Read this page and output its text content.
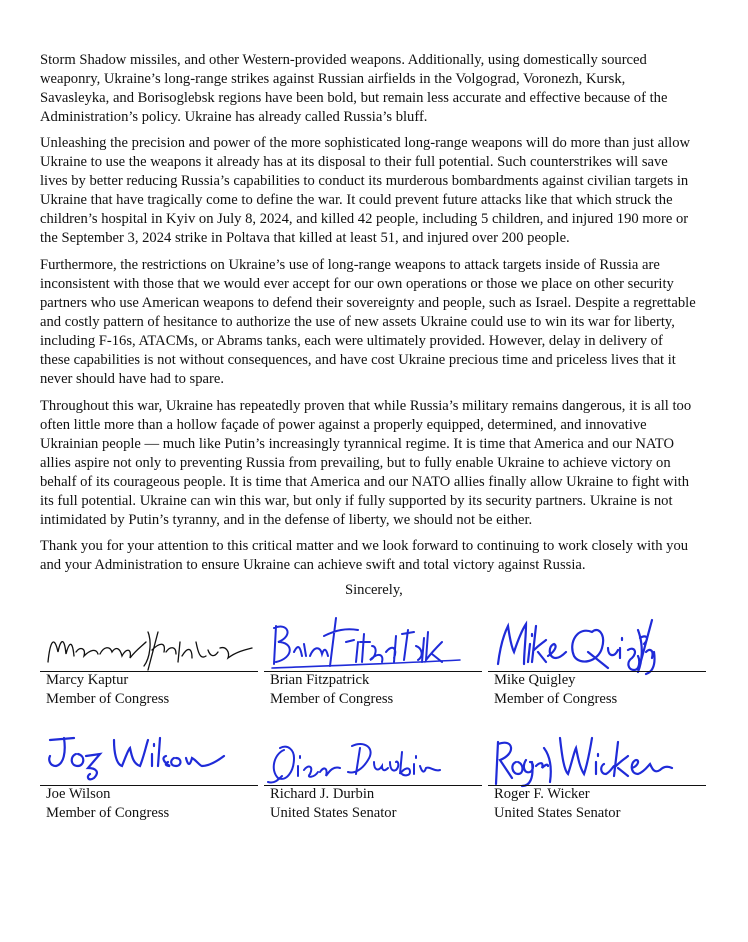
Storm Shadow missiles, and other Western-provided weapons. Additionally, using domestically sourced
weaponry, Ukraine’s long-range strikes against Russian airfields in the Volgograd, Voronezh, Kursk,
Savasleyka, and Borisoglebsk regions have been bold, but remain less accurate and effective because of the
Administration’s policy. Ukraine has already called Russia’s bluff.

Unleashing the precision and power of the more sophisticated long-range weapons will do more than just allow
Ukraine to use the weapons it already has at its disposal to their full potential. Such counterstrikes will save
lives by better reducing Russia’s capabilities to conduct its murderous bombardments against civilian targets in
Ukraine that have tragically come to define the war. It could prevent future attacks like that which struck the
children’s hospital in Kyiv on July 8, 2024, and killed 42 people, including 5 children, and injured 190 more or
the September 3, 2024 strike in Poltava that killed at least 51, and injured over 200 people.

Furthermore, the restrictions on Ukraine’s use of long-range weapons to attack targets inside of Russia are
inconsistent with those that we would ever accept for our own operations or those we place on other security
partners who use American weapons to defend their sovereignty and people, such as Israel. Despite a regrettable
and costly pattern of hesitance to authorize the use of new assets Ukraine could use to win its war for liberty,
including F-16s, ATACMs, or Abrams tanks, each were ultimately provided. However, delay in delivery of
these capabilities is not without consequences, and have cost Ukraine precious time and priceless lives that it
never should have had to spare.

Throughout this war, Ukraine has repeatedly proven that while Russia’s military remains dangerous, it is all too
often little more than a hollow façade of power against a properly equipped, determined, and innovative
Ukrainian people — much like Putin’s increasingly tyrannical regime. It is time that America and our NATO
allies aspire not only to preventing Russia from prevailing, but to fully enable Ukraine to achieve victory on
behalf of its courageous people. It is time that America and our NATO allies finally allow Ukraine to fight with
its full potential. Ukraine can win this war, but only if fully supported by its security partners. Ukraine is not
intimidated by Putin’s tyranny, and in the defense of liberty, we should not be either.

Thank you for your attention to this critical matter and we look forward to continuing to work closely with you
and your Administration to ensure Ukraine can achieve swift and total victory against Russia.

Sincerely,

Marcy Kaptur
Member of Congress
Brian Fitzpatrick
Member of Congress
Mike Quigley
Member of Congress
Joe Wilson
Member of Congress
Richard J. Durbin
United States Senator
Roger F. Wicker
United States Senator
